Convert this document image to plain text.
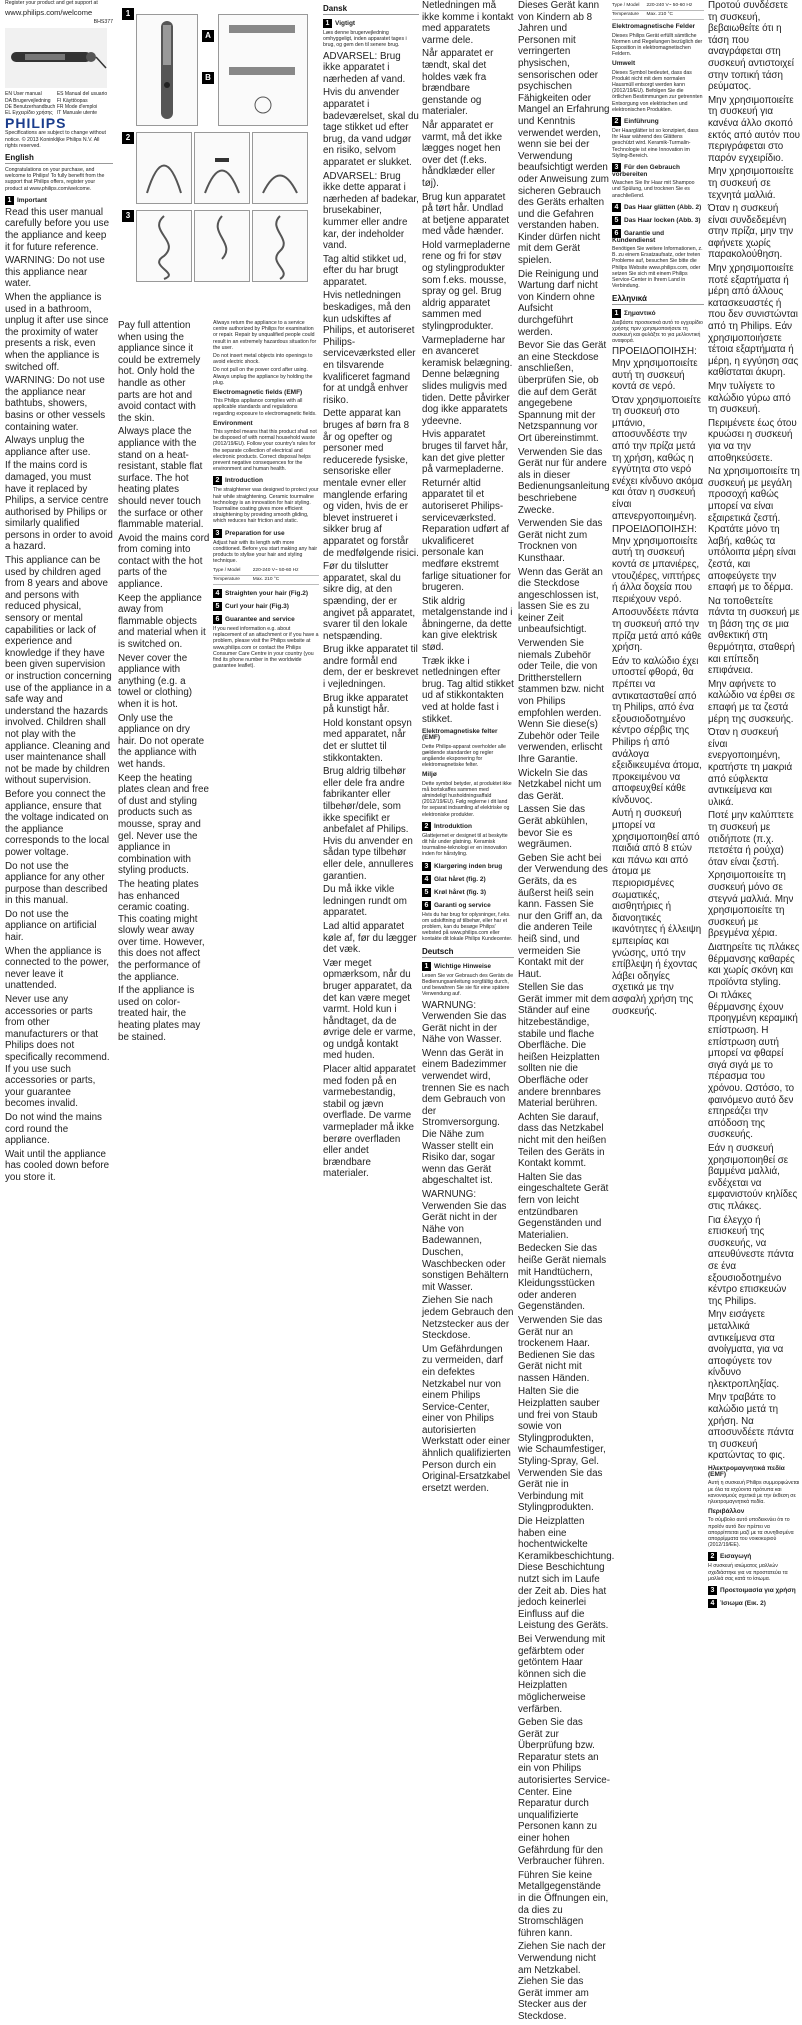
Register your product and get support at

www.philips.com/welcome

BHS377

EN User manual	ES Manual del usuario DA Brugervejledning FI Käyttöopas DE Benutzerhandbuch FR Mode d'emploi EL Εγχειρίδιο χρήσης IT Manuale utente
PHILIPS

Specifications are subject to change without notice. © 2013 Koninklijke Philips N.V. All rights reserved.

English

Congratulations on your purchase, and welcome to Philips! To fully benefit from the support that Philips offers, register your product at www.philips.com/welcome.

1 Important

Read this user manual carefully before you use the appliance and keep it for future reference.

WARNING: Do not use this appliance near water.

When the appliance is used in a bathroom, unplug it after use since the proximity of water presents a risk, even when the appliance is switched off.

WARNING: Do not use the appliance near bathtubs, showers, basins or other vessels containing water.

Always unplug the appliance after use.

If the mains cord is damaged, you must have it replaced by Philips, a service centre authorised by Philips or similarly qualified persons in order to avoid a hazard.

This appliance can be used by children aged from 8 years and above and persons with reduced physical, sensory or mental capabilities or lack of experience and knowledge if they have been given supervision or instruction concerning use of the appliance in a safe way and understand the hazards involved. Children shall not play with the appliance. Cleaning and user maintenance shall not be made by children without supervision.

Before you connect the appliance, ensure that the voltage indicated on the appliance corresponds to the local power voltage.

Do not use the appliance for any other purpose than described in this manual.

Do not use the appliance on artificial hair.

When the appliance is connected to the power, never leave it unattended.

Never use any accessories or parts from other manufacturers or that Philips does not specifically recommend. If you use such accessories or parts, your guarantee becomes invalid.

Do not wind the mains cord round the appliance.

Wait until the appliance has cooled down before you store it.

1
A
B
2
3

Pay full attention when using the appliance since it could be extremely hot. Only hold the handle as other parts are hot and avoid contact with the skin.

Always place the appliance with the stand on a heat-resistant, stable flat surface. The hot heating plates should never touch the surface or other flammable material.

Avoid the mains cord from coming into contact with the hot parts of the appliance.

Keep the appliance away from flammable objects and material when it is switched on.

Never cover the appliance with anything (e.g. a towel or clothing) when it is hot.

Only use the appliance on dry hair. Do not operate the appliance with wet hands.

Keep the heating plates clean and free of dust and styling products such as mousse, spray and gel. Never use the appliance in combination with styling products.

The heating plates has enhanced ceramic coating. This coating might slowly wear away over time. However, this does not affect the performance of the appliance.

If the appliance is used on color-treated hair, the heating plates may be stained.

Always return the appliance to a service centre authorized by Philips for examination or repair. Repair by unqualified people could result in an extremely hazardous situation for the user.

Do not insert metal objects into openings to avoid electric shock.

Do not pull on the power cord after using. Always unplug the appliance by holding the plug.

Electromagnetic fields (EMF)

This Philips appliance complies with all applicable standards and regulations regarding exposure to electromagnetic fields.

Environment

This symbol means that this product shall not be disposed of with normal household waste (2012/19/EU). Follow your country's rules for the separate collection of electrical and electronic products. Correct disposal helps prevent negative consequences for the environment and human health.

2 Introduction

The straightener was designed to protect your hair while straightening. Ceramic tourmaline technology is an innovation for hair styling. Tourmaline coating gives more efficient straightening by providing smooth gliding, which reduces hair friction and static.

3 Preparation for use

Adjust hair with its length with more conditioned. Before you start making any hair products to stylise your hair and styling technique.

Type / Model	220-240 V~ 50-60 Hz
Temperature	Max. 210 °C
4 Straighten your hair (Fig.2)
5 Curl your hair (Fig.3)
6 Guarantee and service

If you need information e.g. about replacement of an attachment or if you have a problem, please visit the Philips website at www.philips.com or contact the Philips Consumer Care Centre in your country (you find its phone number in the worldwide guarantee leaflet).

Dansk
1 Vigtigt

Læs denne brugervejledning omhyggeligt, inden apparatet tages i brug, og gem den til senere brug.

ADVARSEL: Brug ikke apparatet i nærheden af vand.

Hvis du anvender apparatet i badeværelset, skal du tage stikket ud efter brug, da vand udgør en risiko, selvom apparatet er slukket.

ADVARSEL: Brug ikke dette apparat i nærheden af badekar, brusekabiner, kummer eller andre kar, der indeholder vand.

Tag altid stikket ud, efter du har brugt apparatet.

Hvis netledningen beskadiges, må den kun udskiftes af Philips, et autoriseret Philips-serviceværksted eller en tilsvarende kvalificeret fagmand for at undgå enhver risiko.

Dette apparat kan bruges af børn fra 8 år og opefter og personer med reducerede fysiske, sensoriske eller mentale evner eller manglende erfaring og viden, hvis de er blevet instrueret i sikker brug af apparatet og forstår de medfølgende risici.

Før du tilslutter apparatet, skal du sikre dig, at den spænding, der er angivet på apparatet, svarer til den lokale netspænding.

Brug ikke apparatet til andre formål end dem, der er beskrevet i vejledningen.

Brug ikke apparatet på kunstigt hår.

Hold konstant opsyn med apparatet, når det er sluttet til stikkontakten.

Brug aldrig tilbehør eller dele fra andre fabrikanter eller tilbehør/dele, som ikke specifikt er anbefalet af Philips. Hvis du anvender en sådan type tilbehør eller dele, annulleres garantien.

Du må ikke vikle ledningen rundt om apparatet.

Lad altid apparatet køle af, før du lægger det væk.

Vær meget opmærksom, når du bruger apparatet, da det kan være meget varmt. Hold kun i håndtaget, da de øvrige dele er varme, og undgå kontakt med huden.

Placer altid apparatet med foden på en varmebestandig, stabil og jævn overflade. De varme varmeplader må ikke berøre overfladen eller andet brændbare materialer.

Netledningen må ikke komme i kontakt med apparatets varme dele.

Når apparatet er tændt, skal det holdes væk fra brændbare genstande og materialer.

Når apparatet er varmt, må det ikke lægges noget hen over det (f.eks. håndklæder eller tøj).

Brug kun apparatet på tørt hår. Undlad at betjene apparatet med våde hænder.

Hold varmepladerne rene og fri for støv og stylingprodukter som f.eks. mousse, spray og gel. Brug aldrig apparatet sammen med stylingprodukter.

Varmepladerne har en avanceret keramisk belægning. Denne belægning slides muligvis med tiden. Dette påvirker dog ikke apparatets ydeevne.

Hvis apparatet bruges til farvet hår, kan det give pletter på varmepladerne.

Returnér altid apparatet til et autoriseret Philips-serviceværksted. Reparation udført af ukvalificeret personale kan medføre ekstremt farlige situationer for brugeren.

Stik aldrig metalgenstande ind i åbningerne, da dette kan give elektrisk stød.

Træk ikke i netledningen efter brug. Tag altid stikket ud af stikkontakten ved at holde fast i stikket.

Elektromagnetiske felter (EMF)

Dette Philips-apparat overholder alle gældende standarder og regler angående eksponering for elektromagnetiske felter.

Miljø

Dette symbol betyder, at produktet ikke må bortskaffes sammen med almindeligt husholdningsaffald (2012/19/EU). Følg reglerne i dit land for separat indsamling af elektriske og elektroniske produkter.

2 Introduktion

Glattejernet er designet til at beskytte dit hår under glatning. Keramisk tourmaline-teknologi er en innovation inden for hårstyling.

3 Klargøring inden brug
4 Glat håret (fig. 2)
5 Krøl håret (fig. 3)
6 Garanti og service

Hvis du har brug for oplysninger, f.eks. om udskiftning af tilbehør, eller har et problem, kan du besøge Philips' websted på www.philips.com eller kontakte dit lokale Philips Kundecenter.

Deutsch
1 Wichtige Hinweise

Lesen Sie vor Gebrauch des Geräts die Bedienungsanleitung sorgfältig durch, und bewahren Sie sie für eine spätere Verwendung auf.

WARNUNG: Verwenden Sie das Gerät nicht in der Nähe von Wasser.

Wenn das Gerät in einem Badezimmer verwendet wird, trennen Sie es nach dem Gebrauch von der Stromversorgung. Die Nähe zum Wasser stellt ein Risiko dar, sogar wenn das Gerät abgeschaltet ist.

WARNUNG: Verwenden Sie das Gerät nicht in der Nähe von Badewannen, Duschen, Waschbecken oder sonstigen Behältern mit Wasser.

Ziehen Sie nach jedem Gebrauch den Netzstecker aus der Steckdose.

Um Gefährdungen zu vermeiden, darf ein defektes Netzkabel nur von einem Philips Service-Center, einer von Philips autorisierten Werkstatt oder einer ähnlich qualifizierten Person durch ein Original-Ersatzkabel ersetzt werden.

Dieses Gerät kann von Kindern ab 8 Jahren und Personen mit verringerten physischen, sensorischen oder psychischen Fähigkeiten oder Mangel an Erfahrung und Kenntnis verwendet werden, wenn sie bei der Verwendung beaufsichtigt werden oder Anweisung zum sicheren Gebrauch des Geräts erhalten und die Gefahren verstanden haben. Kinder dürfen nicht mit dem Gerät spielen.

Die Reinigung und Wartung darf nicht von Kindern ohne Aufsicht durchgeführt werden.

Bevor Sie das Gerät an eine Steckdose anschließen, überprüfen Sie, ob die auf dem Gerät angegebene Spannung mit der Netzspannung vor Ort übereinstimmt.

Verwenden Sie das Gerät nur für andere als in dieser Bedienungsanleitung beschriebene Zwecke.

Verwenden Sie das Gerät nicht zum Trocknen von Kunsthaar.

Wenn das Gerät an die Steckdose angeschlossen ist, lassen Sie es zu keiner Zeit unbeaufsichtigt.

Verwenden Sie niemals Zubehör oder Teile, die von Drittherstellern stammen bzw. nicht von Philips empfohlen werden. Wenn Sie diese(s) Zubehör oder Teile verwenden, erlischt Ihre Garantie.

Wickeln Sie das Netzkabel nicht um das Gerät.

Lassen Sie das Gerät abkühlen, bevor Sie es wegräumen.

Geben Sie acht bei der Verwendung des Geräts, da es äußerst heiß sein kann. Fassen Sie nur den Griff an, da die anderen Teile heiß sind, und vermeiden Sie Kontakt mit der Haut.

Stellen Sie das Gerät immer mit dem Ständer auf eine hitzebeständige, stabile und flache Oberfläche. Die heißen Heizplatten sollten nie die Oberfläche oder andere brennbares Material berühren.

Achten Sie darauf, dass das Netzkabel nicht mit den heißen Teilen des Geräts in Kontakt kommt.

Halten Sie das eingeschaltete Gerät fern von leicht entzündbaren Gegenständen und Materialien.

Bedecken Sie das heiße Gerät niemals mit Handtüchern, Kleidungsstücken oder anderen Gegenständen.

Verwenden Sie das Gerät nur an trockenem Haar. Bedienen Sie das Gerät nicht mit nassen Händen.

Halten Sie die Heizplatten sauber und frei von Staub sowie von Stylingprodukten, wie Schaumfestiger, Styling-Spray, Gel. Verwenden Sie das Gerät nie in Verbindung mit Stylingprodukten.

Die Heizplatten haben eine hochentwickelte Keramikbeschichtung. Diese Beschichtung nutzt sich im Laufe der Zeit ab. Dies hat jedoch keinerlei Einfluss auf die Leistung des Geräts.

Bei Verwendung mit gefärbtem oder getöntem Haar können sich die Heizplatten möglicherweise verfärben.

Geben Sie das Gerät zur Überprüfung bzw. Reparatur stets an ein von Philips autorisiertes Service-Center. Eine Reparatur durch unqualifizierte Personen kann zu einer hohen Gefährdung für den Verbraucher führen.

Führen Sie keine Metallgegenstände in die Öffnungen ein, da dies zu Stromschlägen führen kann.

Ziehen Sie nach der Verwendung nicht am Netzkabel. Ziehen Sie das Gerät immer am Stecker aus der Steckdose.

Type / Model	220-240 V~ 50-60 Hz
Temperature	Max. 210 °C
Elektromagnetische Felder

Dieses Philips Gerät erfüllt sämtliche Normen und Regelungen bezüglich der Exposition in elektromagnetischen Feldern.

Umwelt

Dieses Symbol bedeutet, dass das Produkt nicht mit dem normalen Hausmüll entsorgt werden kann (2012/19/EU). Befolgen Sie die örtlichen Bestimmungen zur getrennten Entsorgung von elektrischen und elektronischen Produkten.

2 Einführung

Der Haarglätter ist so konzipiert, dass Ihr Haar während des Glättens geschützt wird. Keramik-Turmalin-Technologie ist eine Innovation im Styling-Bereich.

3 Für den Gebrauch vorbereiten

Waschen Sie Ihr Haar mit Shampoo und Spülung, und trocknen Sie es anschließend.

4 Das Haar glätten (Abb. 2)
5 Das Haar locken (Abb. 3)
6 Garantie und Kundendienst

Benötigen Sie weitere Informationen, z. B. zu einem Ersatzaufsatz, oder treten Probleme auf, besuchen Sie bitte die Philips Website www.philips.com, oder setzen Sie sich mit einem Philips Service-Center in Ihrem Land in Verbindung.

Ελληνικά
1 Σημαντικό

Διαβάστε προσεκτικά αυτό το εγχειρίδιο χρήσης πριν χρησιμοποιήσετε τη συσκευή και φυλάξτε το για μελλοντική αναφορά.

ΠΡΟΕΙΔΟΠΟΙΗΣΗ: Μην χρησιμοποιείτε αυτή τη συσκευή κοντά σε νερό.

Όταν χρησιμοποιείτε τη συσκευή στο μπάνιο, αποσυνδέστε την από την πρίζα μετά τη χρήση, καθώς η εγγύτητα στο νερό ενέχει κίνδυνο ακόμα και όταν η συσκευή είναι απενεργοποιημένη.

ΠΡΟΕΙΔΟΠΟΙΗΣΗ: Μην χρησιμοποιείτε αυτή τη συσκευή κοντά σε μπανιέρες, ντουζιέρες, νιπτήρες ή άλλα δοχεία που περιέχουν νερό.

Αποσυνδέετε πάντα τη συσκευή από την πρίζα μετά από κάθε χρήση.

Εάν το καλώδιο έχει υποστεί φθορά, θα πρέπει να αντικατασταθεί από τη Philips, από ένα εξουσιοδοτημένο κέντρο σέρβις της Philips ή από ανάλογα εξειδικευμένα άτομα, προκειμένου να αποφευχθεί κάθε κίνδυνος.

Αυτή η συσκευή μπορεί να χρησιμοποιηθεί από παιδιά από 8 ετών και πάνω και από άτομα με περιορισμένες σωματικές, αισθητήριες ή διανοητικές ικανότητες ή έλλειψη εμπειρίας και γνώσης, υπό την επίβλεψη ή έχοντας λάβει οδηγίες σχετικά με την ασφαλή χρήση της συσκευής.

Προτού συνδέσετε τη συσκευή, βεβαιωθείτε ότι η τάση που αναγράφεται στη συσκευή αντιστοιχεί στην τοπική τάση ρεύματος.

Μην χρησιμοποιείτε τη συσκευή για κανένα άλλο σκοπό εκτός από αυτόν που περιγράφεται στο παρόν εγχειρίδιο.

Μην χρησιμοποιείτε τη συσκευή σε τεχνητά μαλλιά.

Όταν η συσκευή είναι συνδεδεμένη στην πρίζα, μην την αφήνετε χωρίς παρακολούθηση.

Μην χρησιμοποιείτε ποτέ εξαρτήματα ή μέρη από άλλους κατασκευαστές ή που δεν συνιστώνται από τη Philips. Εάν χρησιμοποιήσετε τέτοια εξαρτήματα ή μέρη, η εγγύηση σας καθίσταται άκυρη.

Μην τυλίγετε το καλώδιο γύρω από τη συσκευή.

Περιμένετε έως ότου κρυώσει η συσκευή για να την αποθηκεύσετε.

Να χρησιμοποιείτε τη συσκευή με μεγάλη προσοχή καθώς μπορεί να είναι εξαιρετικά ζεστή. Κρατάτε μόνο τη λαβή, καθώς τα υπόλοιπα μέρη είναι ζεστά, και αποφεύγετε την επαφή με το δέρμα.

Να τοποθετείτε πάντα τη συσκευή με τη βάση της σε μια ανθεκτική στη θερμότητα, σταθερή και επίπεδη επιφάνεια.

Μην αφήνετε το καλώδιο να έρθει σε επαφή με τα ζεστά μέρη της συσκευής.

Όταν η συσκευή είναι ενεργοποιημένη, κρατήστε τη μακριά από εύφλεκτα αντικείμενα και υλικά.

Ποτέ μην καλύπτετε τη συσκευή με οτιδήποτε (π.χ. πετσέτα ή ρούχα) όταν είναι ζεστή.

Χρησιμοποιείτε τη συσκευή μόνο σε στεγνά μαλλιά. Μην χρησιμοποιείτε τη συσκευή με βρεγμένα χέρια.

Διατηρείτε τις πλάκες θέρμανσης καθαρές και χωρίς σκόνη και προϊόντα styling.

Οι πλάκες θέρμανσης έχουν προηγμένη κεραμική επίστρωση. Η επίστρωση αυτή μπορεί να φθαρεί σιγά σιγά με το πέρασμα του χρόνου. Ωστόσο, το φαινόμενο αυτό δεν επηρεάζει την απόδοση της συσκευής.

Εάν η συσκευή χρησιμοποιηθεί σε βαμμένα μαλλιά, ενδέχεται να εμφανιστούν κηλίδες στις πλάκες.

Για έλεγχο ή επισκευή της συσκευής, να απευθύνεστε πάντα σε ένα εξουσιοδοτημένο κέντρο επισκευών της Philips.

Μην εισάγετε μεταλλικά αντικείμενα στα ανοίγματα, για να αποφύγετε τον κίνδυνο ηλεκτροπληξίας.

Μην τραβάτε το καλώδιο μετά τη χρήση. Να αποσυνδέετε πάντα τη συσκευή κρατώντας το φις.

Ηλεκτρομαγνητικά πεδία (EMF)

Αυτή η συσκευή Philips συμμορφώνεται με όλα τα ισχύοντα πρότυπα και κανονισμούς σχετικά με την έκθεση σε ηλεκτρομαγνητικά πεδία.

Περιβάλλον

Το σύμβολο αυτό υποδεικνύει ότι το προϊόν αυτό δεν πρέπει να απορρίπτεται μαζί με τα συνηθισμένα απορρίμματα του νοικοκυριού (2012/19/EE).

2 Εισαγωγή

Η συσκευή ισιώματος μαλλιών σχεδιάστηκε για να προστατεύει τα μαλλιά σας κατά το ίσιωμα.

3 Προετοιμασία για χρήση
4 Ίσιωμα (Εικ. 2)
